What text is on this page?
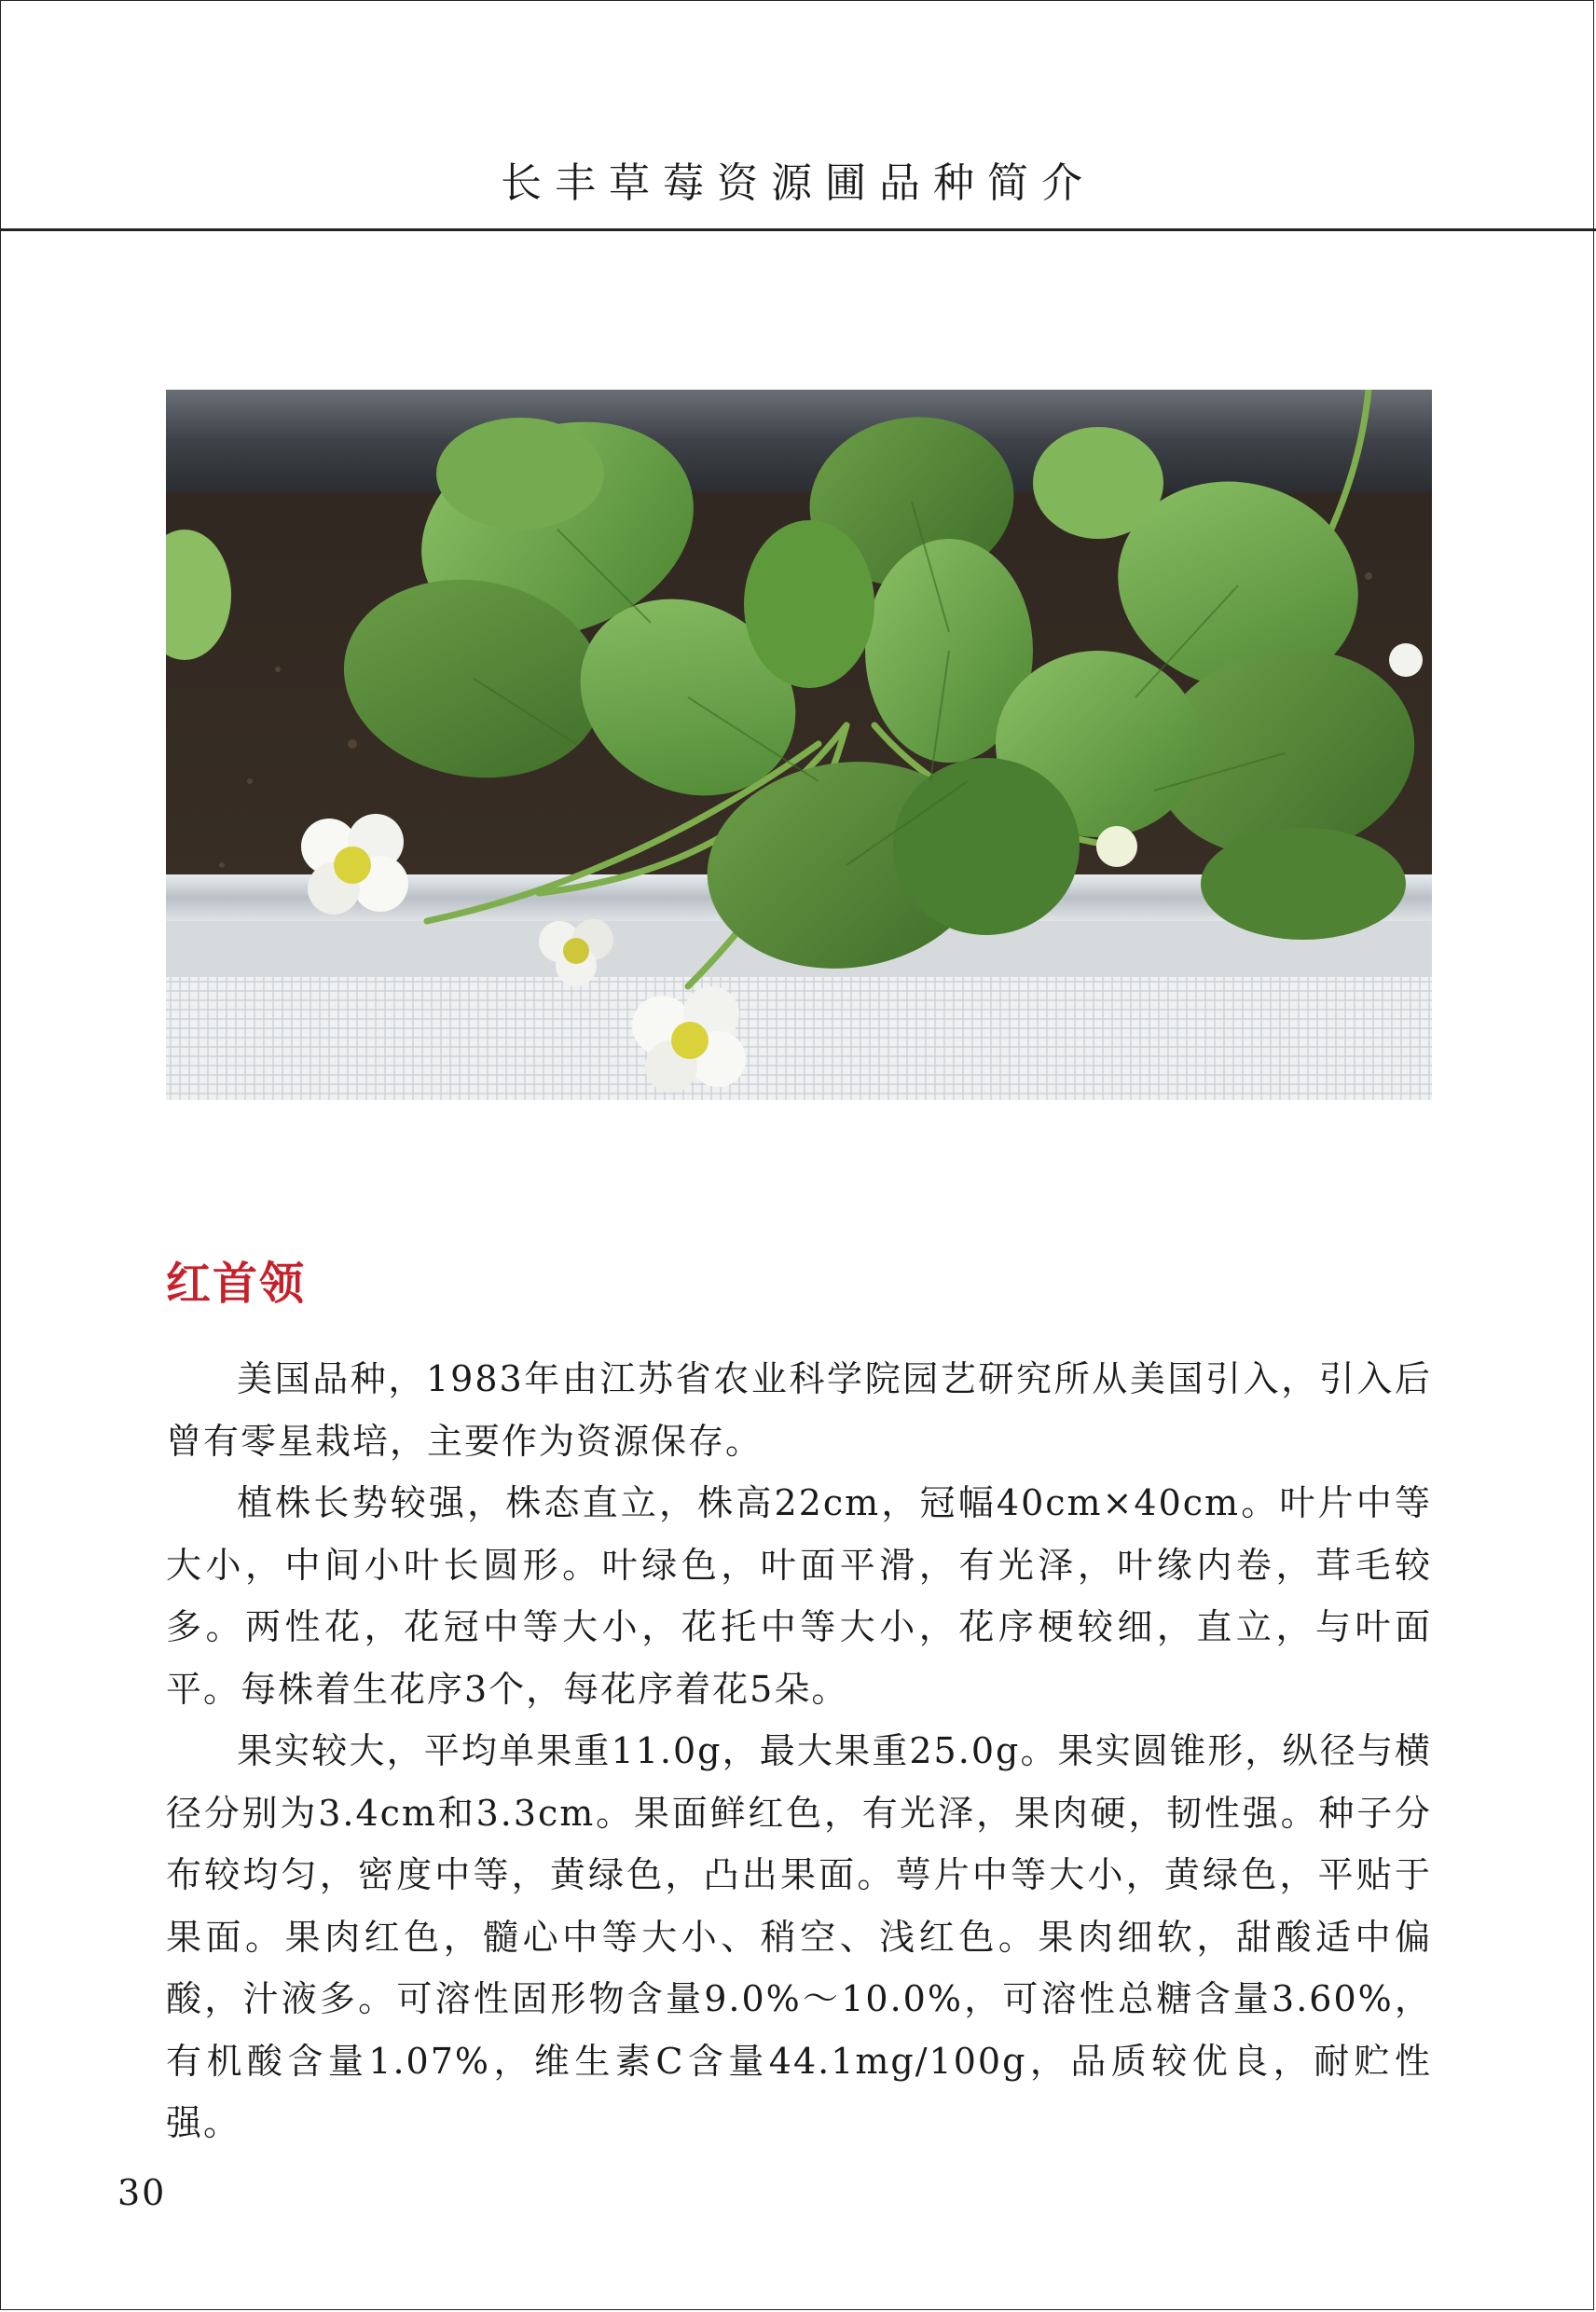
长丰草莓资源圃品种简介
红首领

美国品种，1983年由江苏省农业科学院园艺研究所从美国引入，引入后曾有零星栽培，主要作为资源保存。

植株长势较强，株态直立，株高22cm，冠幅40cm×40cm。叶片中等大小，中间小叶长圆形。叶绿色，叶面平滑，有光泽，叶缘内卷，茸毛较多。两性花，花冠中等大小，花托中等大小，花序梗较细，直立，与叶面平。每株着生花序3个，每花序着花5朵。

果实较大，平均单果重11.0g，最大果重25.0g。果实圆锥形，纵径与横径分别为3.4cm和3.3cm。果面鲜红色，有光泽，果肉硬，韧性强。种子分布较均匀，密度中等，黄绿色，凸出果面。萼片中等大小，黄绿色，平贴于果面。果肉红色，髓心中等大小、稍空、浅红色。果肉细软，甜酸适中偏酸，汁液多。可溶性固形物含量9.0%～10.0%，可溶性总糖含量3.60%，有机酸含量1.07%，维生素C含量44.1mg/100g，品质较优良，耐贮性强。

30
